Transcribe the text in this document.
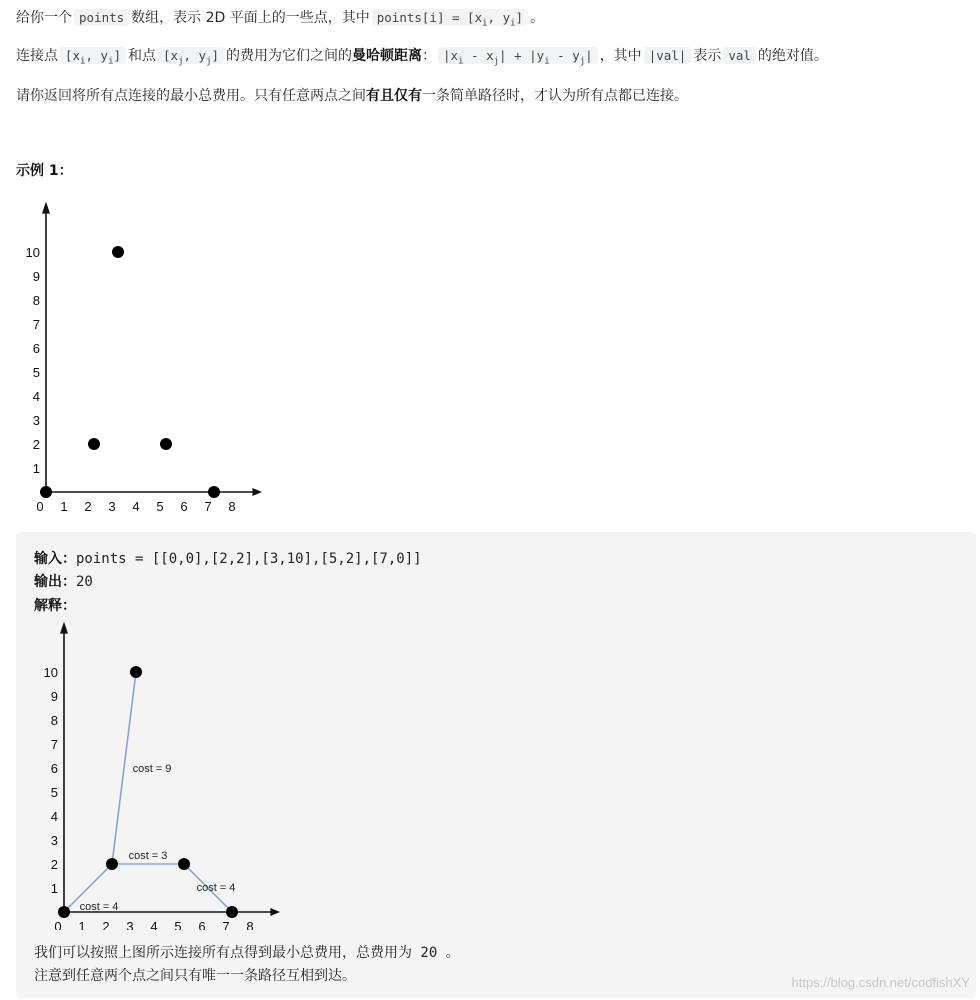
给你一个 points 数组，表示 2D 平面上的一些点，其中 points[i] = [$x_i$, $y_i$] 。
连接点 [$x_i$, $y_i$] 和点 [$x_j$, $y_j$] 的费用为它们之间的曼哈顿距离： $|x_i - x_j| + |y_i - y_j|$ ，其中 |val| 表示 val 的绝对值。
请你返回将所有点连接的最小总费用。只有任意两点之间有且仅有一条简单路径时，才认为所有点都已连接。
示例 1：
0 1 2 3 4 5 6 7 8
1
2
3
4
5
6
7
8
9
10
输入：points = [[0,0],[2,2],[3,10],[5,2],[7,0]]
输出：20
解释：
0 1 2 3 4 5 6 7 8
1
2
3
4
5
6
7
8
9
10
cost = 4
cost = 9
cost = 3
cost = 4
我们可以按照上图所示连接所有点得到最小总费用，总费用为 20 。
注意到任意两个点之间只有唯一一条路径互相到达。	https://blog.csdn.net/codfishXY
